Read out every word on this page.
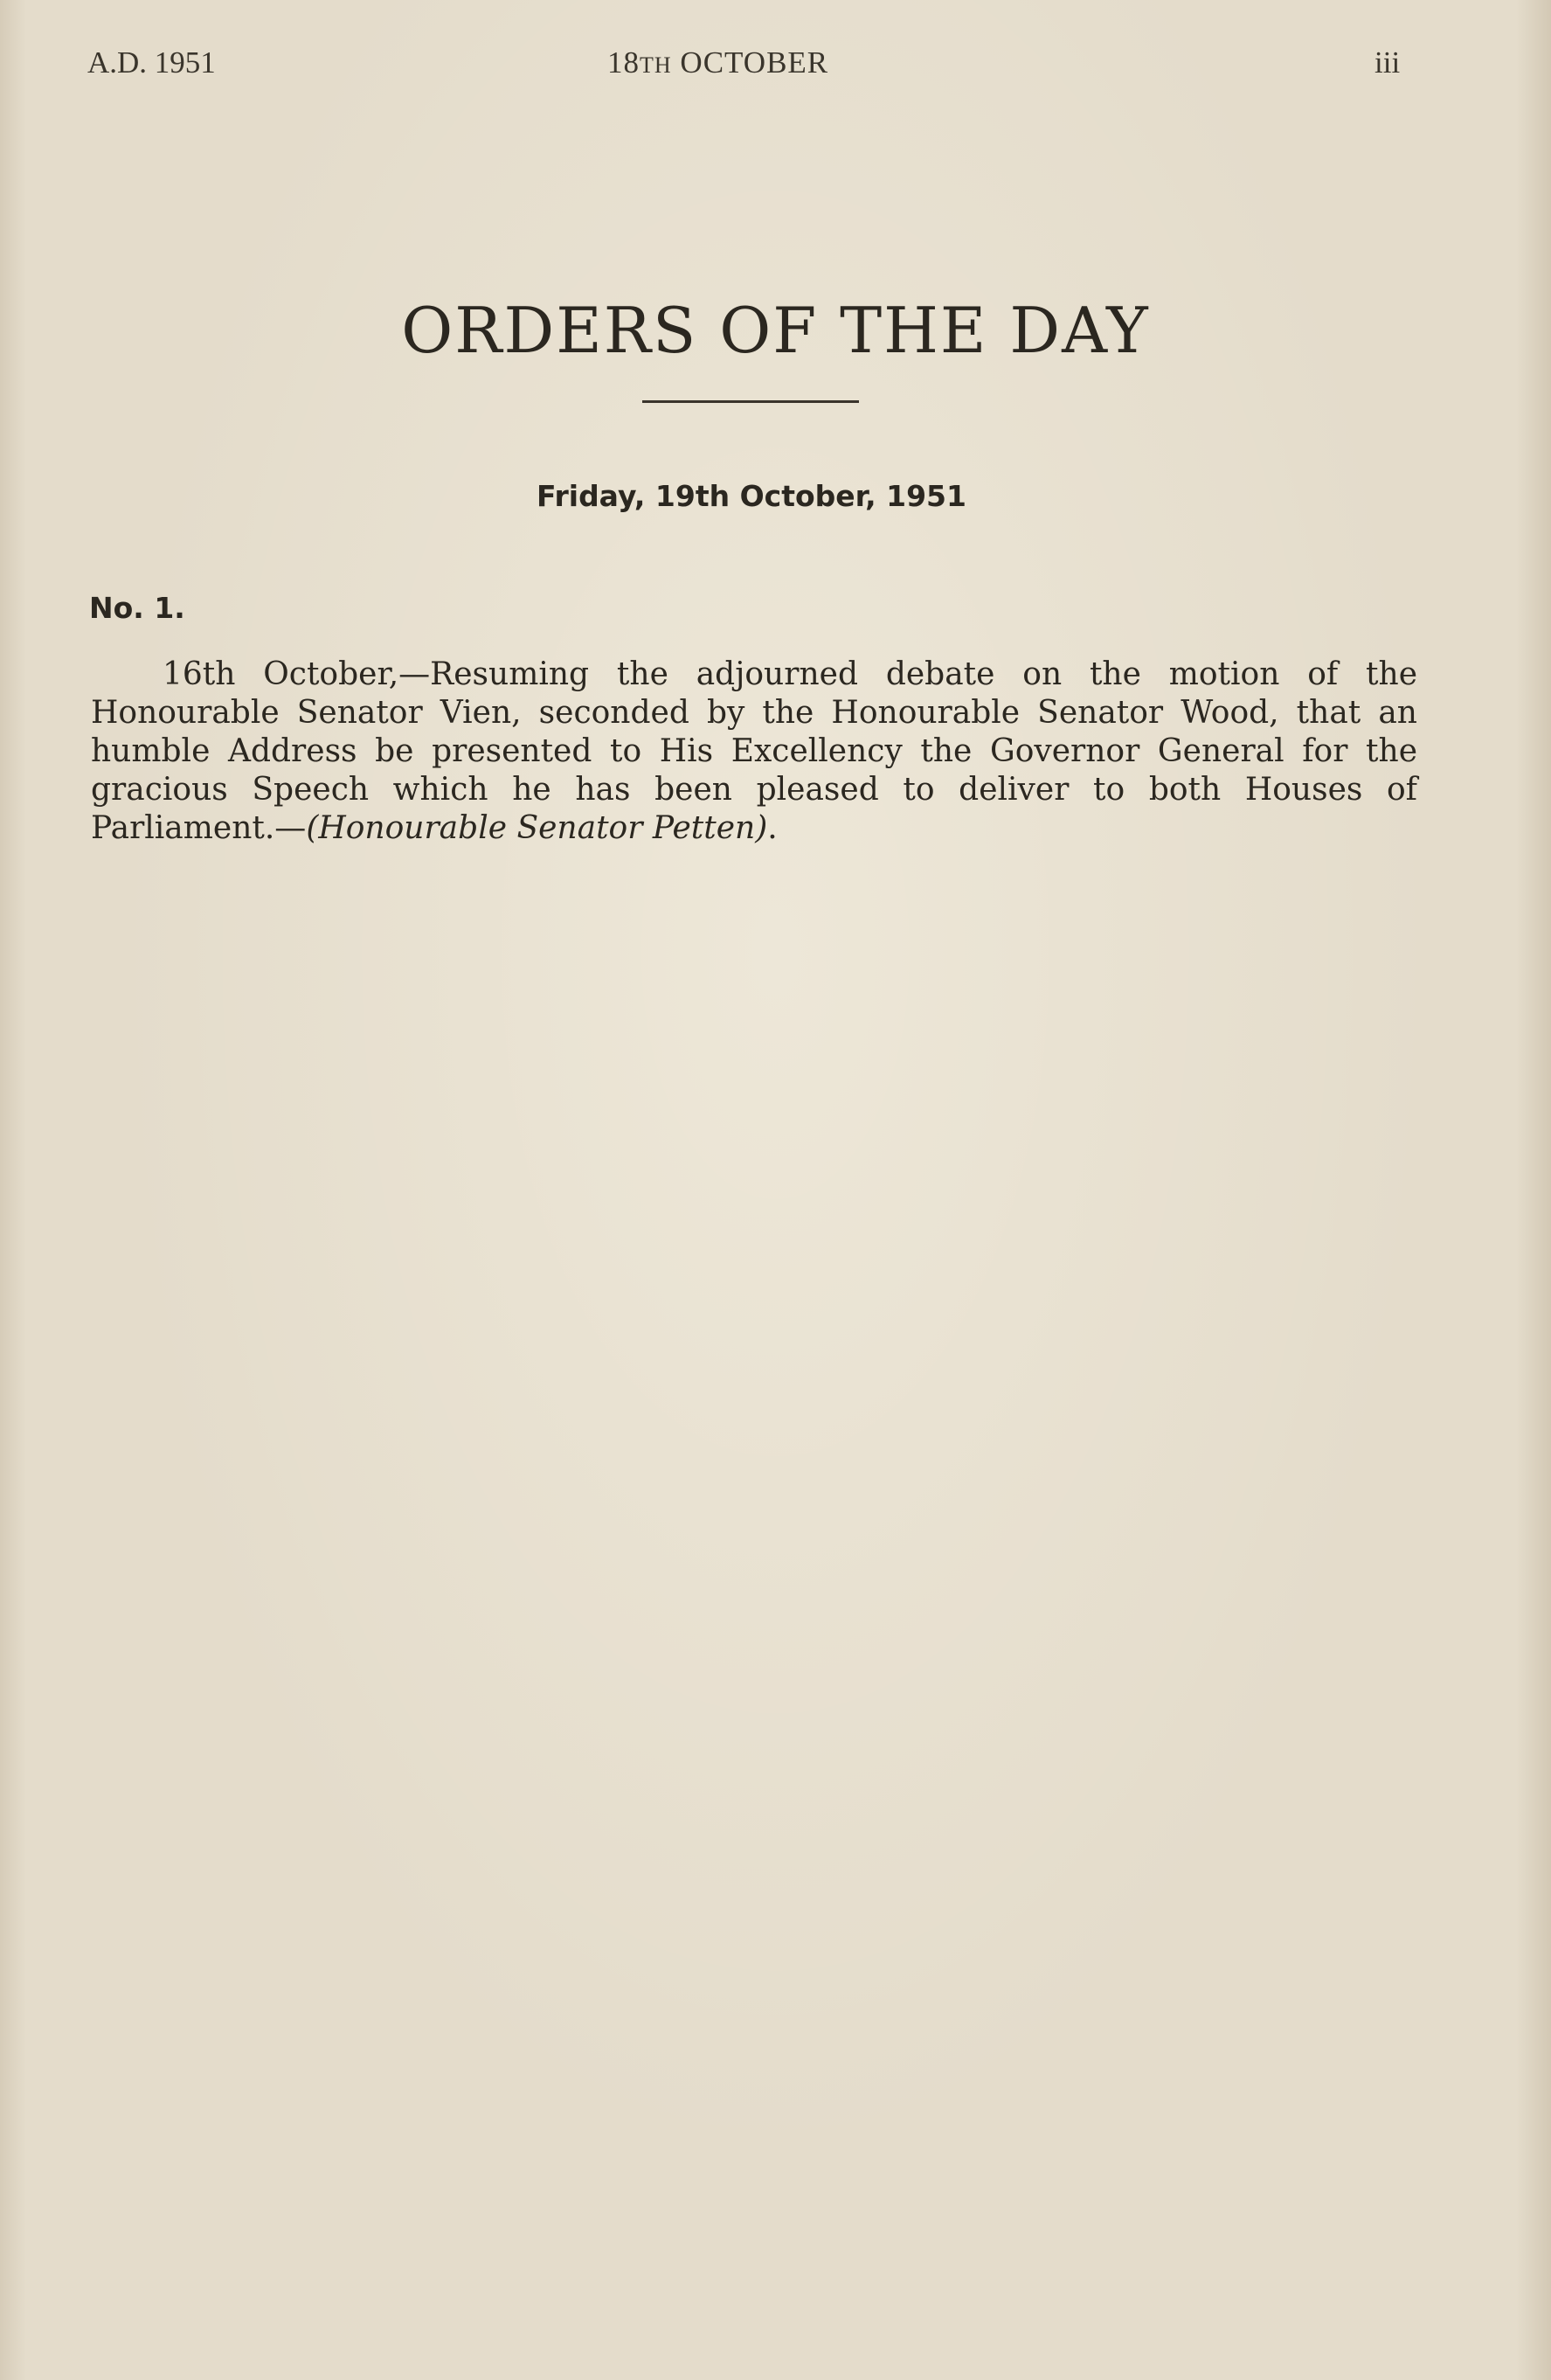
A.D. 1951	18TH OCTOBER	iii
ORDERS OF THE DAY
Friday, 19th October, 1951
No. 1.

16th October,—Resuming the adjourned debate on the motion of the Honourable Senator Vien, seconded by the Honourable Senator Wood, that an humble Address be presented to His Excellency the Governor General for the gracious Speech which he has been pleased to deliver to both Houses of Parliament.—(Honourable Senator Petten).
